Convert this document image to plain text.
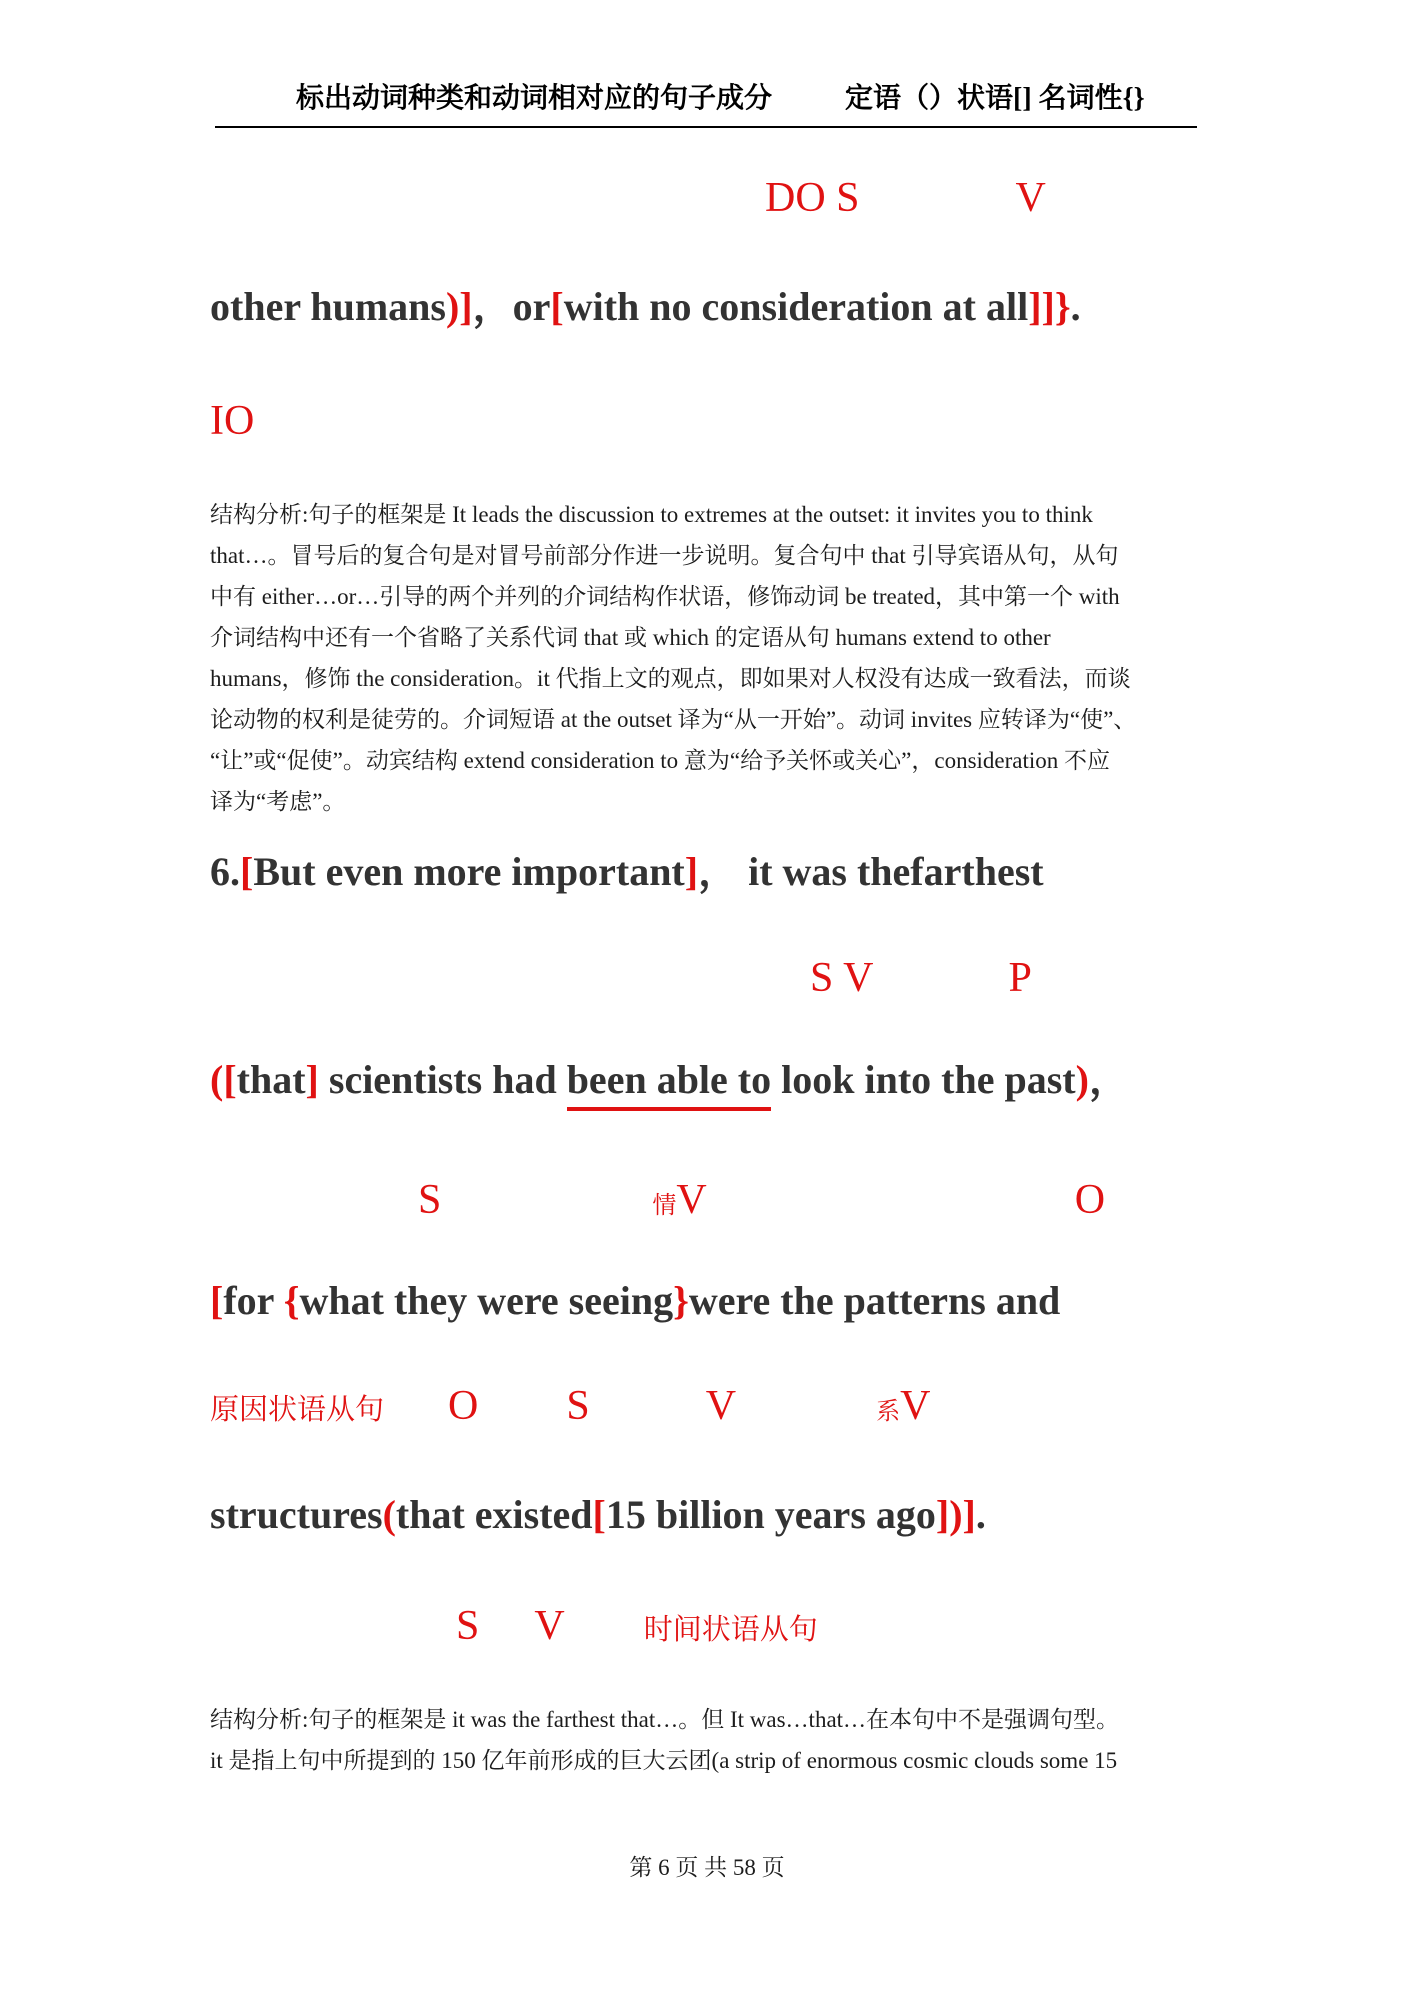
标出动词种类和动词相对应的句子成分	定语（）状语[] 名词性{}
DO S	V
other humans)]，or[with no consideration at all]]}.
IO
结构分析:句子的框架是 It leads the discussion to extremes at the outset: it invites you to think
that…。冒号后的复合句是对冒号前部分作进一步说明。复合句中 that 引导宾语从句，从句
中有 either…or…引导的两个并列的介词结构作状语，修饰动词 be treated，其中第一个 with
介词结构中还有一个省略了关系代词 that 或 which 的定语从句 humans extend to other
humans，修饰 the consideration。it 代指上文的观点，即如果对人权没有达成一致看法，而谈
论动物的权利是徒劳的。介词短语 at the outset 译为“从一开始”。动词 invites 应转译为“使”、
“让”或“促使”。动宾结构 extend consideration to 意为“给予关怀或关心”，consideration 不应
译为“考虑”。
6.[But even more important]， it was thefarthest
S V	P
([that] scientists had been able to look into the past)，
S	情V	O
[for {what they were seeing}were the patterns and
原因状语从句 O S	V	系V
structures(that existed[15 billion years ago])].
S V	时间状语从句
结构分析:句子的框架是 it was the farthest that…。但 It was…that…在本句中不是强调句型。
it 是指上句中所提到的 150 亿年前形成的巨大云团(a strip of enormous cosmic clouds some 15
第 6 页 共 58 页
